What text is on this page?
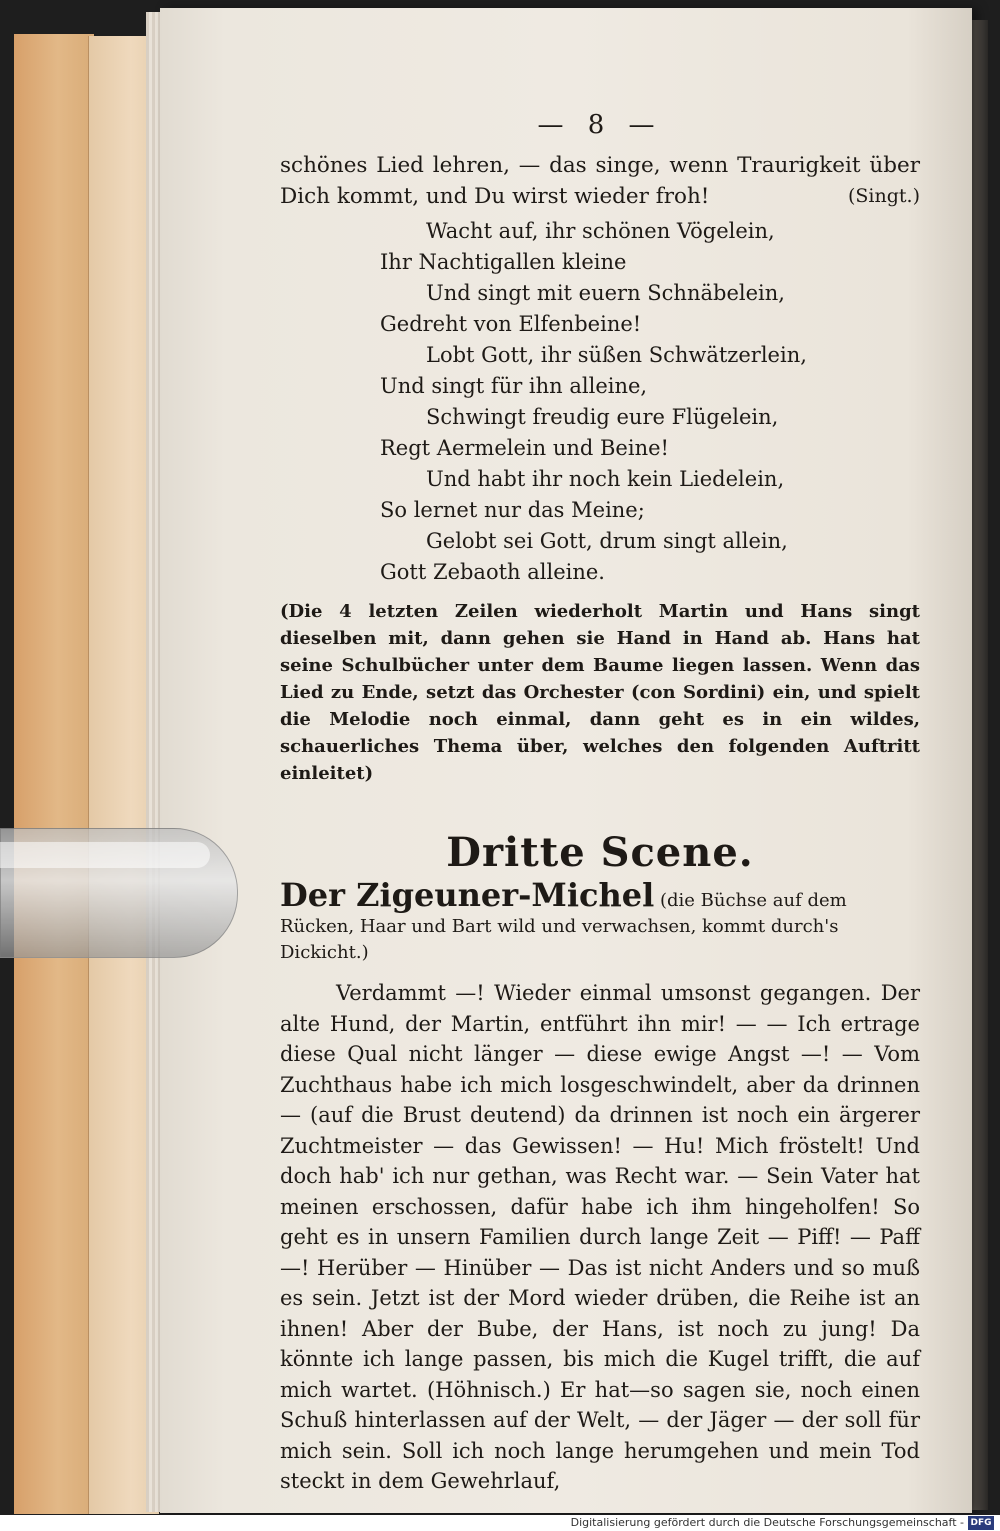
— 8 —
schönes Lied lehren, — das singe, wenn Traurigkeit über Dich kommt, und Du wirst wieder froh!	(Singt.)
Wacht auf, ihr schönen Vögelein,
Ihr Nachtigallen kleine
Und singt mit euern Schnäbelein,
Gedreht von Elfenbeine!
Lobt Gott, ihr süßen Schwätzerlein,
Und singt für ihn alleine,
Schwingt freudig eure Flügelein,
Regt Aermelein und Beine!
Und habt ihr noch kein Liedelein,
So lernet nur das Meine;
Gelobt sei Gott, drum singt allein,
Gott Zebaoth alleine.
(Die 4 letzten Zeilen wiederholt Martin und Hans singt dieselben mit, dann gehen sie Hand in Hand ab. Hans hat seine Schulbücher unter dem Baume liegen lassen. Wenn das Lied zu Ende, setzt das Orchester (con Sordini) ein, und spielt die Melodie noch einmal, dann geht es in ein wildes, schauerliches Thema über, welches den folgenden Auftritt einleitet)
Dritte Scene.
Der Zigeuner-Michel (die Büchse auf dem Rücken, Haar und Bart wild und verwachsen, kommt durch's Dickicht.)
Verdammt —! Wieder einmal umsonst gegangen. Der alte Hund, der Martin, entführt ihn mir! — — Ich ertrage diese Qual nicht länger — diese ewige Angst —! — Vom Zuchthaus habe ich mich losgeschwindelt, aber da drinnen — (auf die Brust deutend) da drinnen ist noch ein ärgerer Zuchtmeister — das Gewissen! — Hu! Mich fröstelt! Und doch hab' ich nur gethan, was Recht war. — Sein Vater hat meinen erschossen, dafür habe ich ihm hingeholfen! So geht es in unsern Familien durch lange Zeit — Piff! — Paff —! Herüber — Hinüber — Das ist nicht Anders und so muß es sein. Jetzt ist der Mord wieder drüben, die Reihe ist an ihnen! Aber der Bube, der Hans, ist noch zu jung! Da könnte ich lange passen, bis mich die Kugel trifft, die auf mich wartet. (Höhnisch.) Er hat—so sagen sie, noch einen Schuß hinterlassen auf der Welt, — der Jäger — der soll für mich sein. Soll ich noch lange herumgehen und mein Tod steckt in dem Gewehrlauf,
Digitalisierung gefördert durch die Deutsche Forschungsgemeinschaft - DFG
